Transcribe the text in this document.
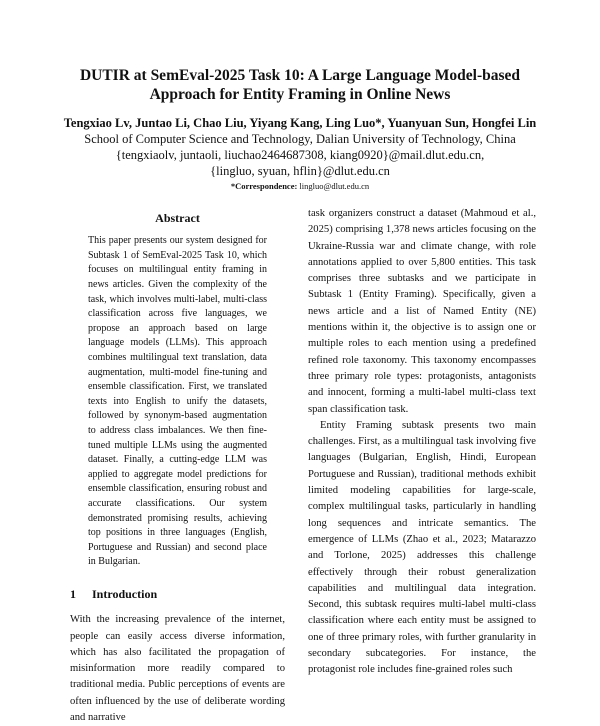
DUTIR at SemEval-2025 Task 10: A Large Language Model-based
Approach for Entity Framing in Online News
Tengxiao Lv, Juntao Li, Chao Liu, Yiyang Kang, Ling Luo*, Yuanyuan Sun, Hongfei Lin
School of Computer Science and Technology, Dalian University of Technology, China
{tengxiaolv, juntaoli, liuchao2464687308, kiang0920}@mail.dlut.edu.cn,
{lingluo, syuan, hflin}@dlut.edu.cn
*Correspondence: lingluo@dlut.edu.cn
Abstract

This paper presents our system designed for Subtask 1 of SemEval-2025 Task 10, which focuses on multilingual entity framing in news articles. Given the complexity of the task, which involves multi-label, multi-class classification across five languages, we propose an approach based on large language models (LLMs). This approach combines multilingual text translation, data augmentation, multi-model fine-tuning and ensemble classification. First, we translated texts into English to unify the datasets, followed by synonym-based augmentation to address class imbalances. We then fine-tuned multiple LLMs using the augmented dataset. Finally, a cutting-edge LLM was applied to aggregate model predictions for ensemble classification, ensuring robust and accurate classifications. Our system demonstrated promising results, achieving top positions in three languages (English, Portuguese and Russian) and second place in Bulgarian.

1 Introduction

With the increasing prevalence of the internet, people can easily access diverse information, which has also facilitated the propagation of misinformation more readily compared to traditional media. Public perceptions of events are often influenced by the use of deliberate wording and narrative

task organizers construct a dataset (Mahmoud et al., 2025) comprising 1,378 news articles focusing on the Ukraine-Russia war and climate change, with role annotations applied to over 5,800 entities. This task comprises three subtasks and we participate in Subtask 1 (Entity Framing). Specifically, given a news article and a list of Named Entity (NE) mentions within it, the objective is to assign one or multiple roles to each mention using a predefined refined role taxonomy. This taxonomy encompasses three primary role types: protagonists, antagonists and innocent, forming a multi-label multi-class text span classification task.

Entity Framing subtask presents two main challenges. First, as a multilingual task involving five languages (Bulgarian, English, Hindi, European Portuguese and Russian), traditional methods exhibit limited modeling capabilities for large-scale, complex multilingual tasks, particularly in handling long sequences and intricate semantics. The emergence of LLMs (Zhao et al., 2023; Matarazzo and Torlone, 2025) addresses this challenge effectively through their robust generalization capabilities and multilingual data integration. Second, this subtask requires multi-label multi-class classification where each entity must be assigned to one of three primary roles, with further granularity in secondary subcategories. For instance, the protagonist role includes fine-grained roles such
